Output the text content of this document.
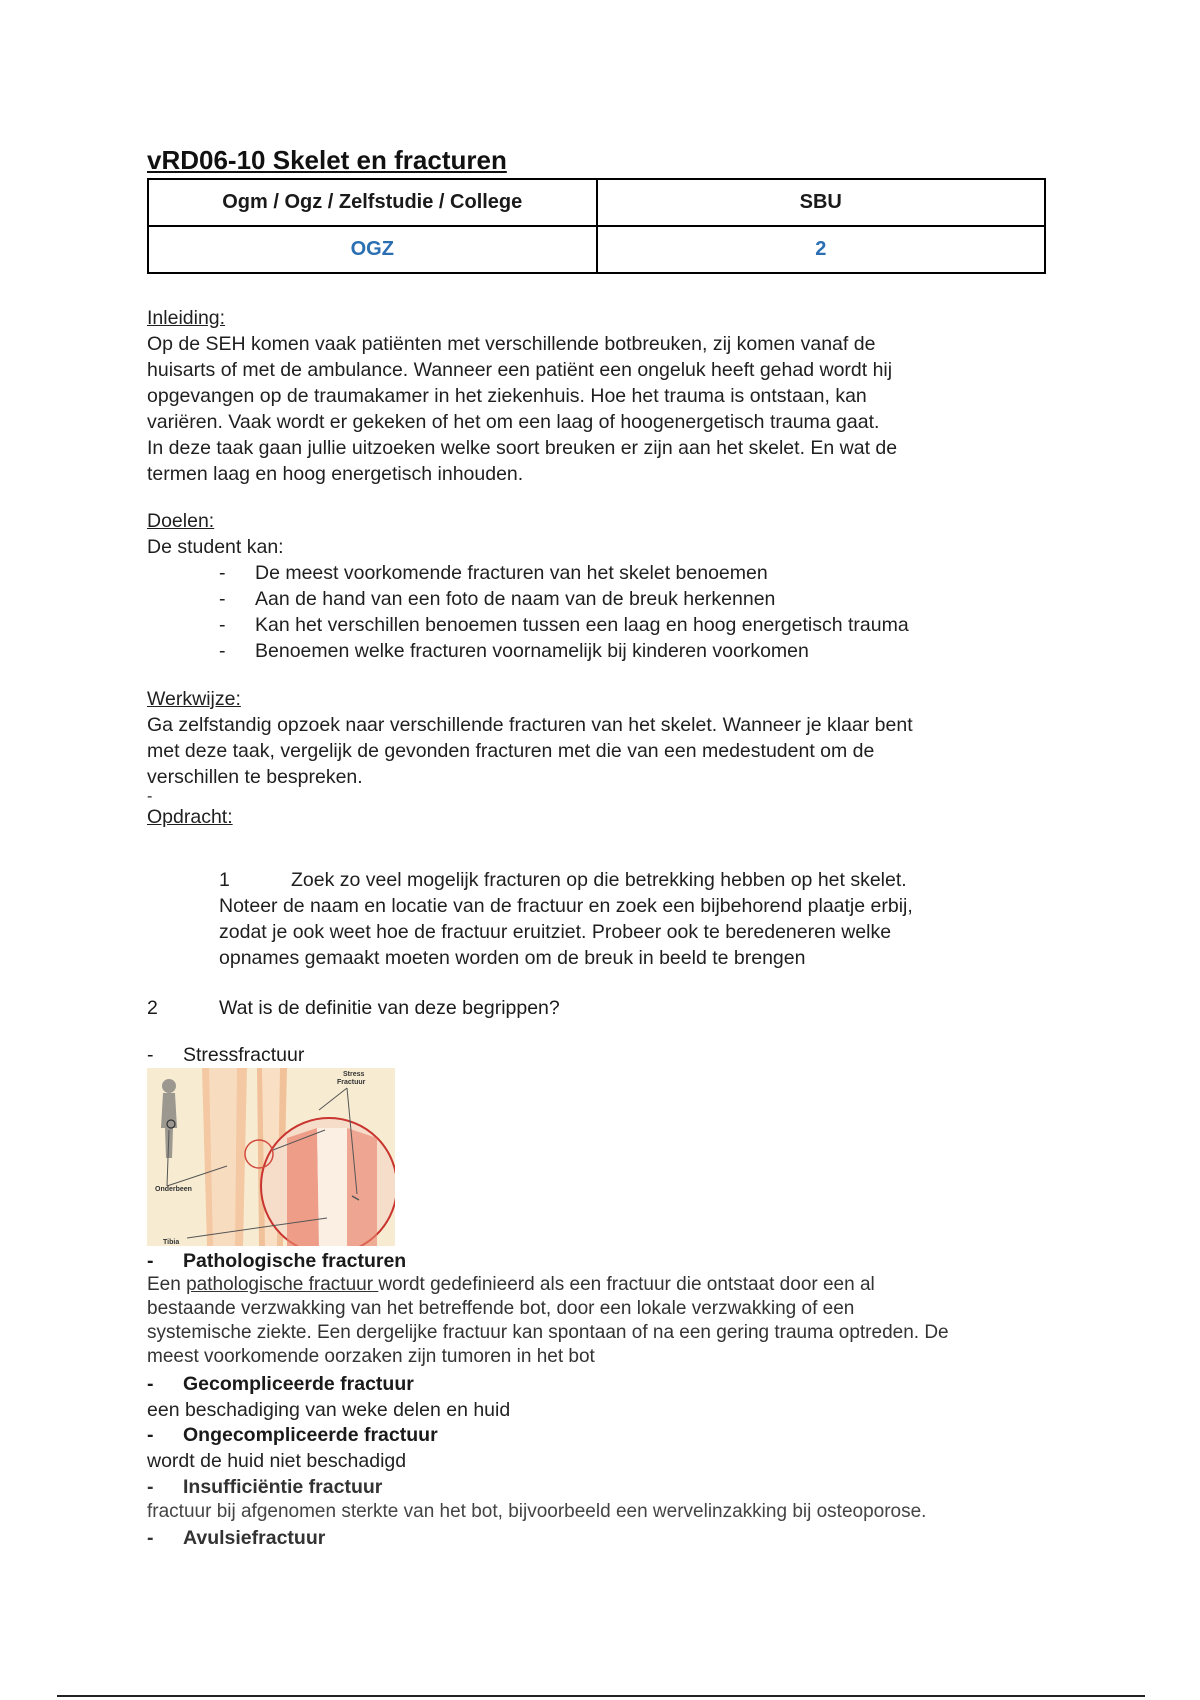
vRD06-10 Skelet en fracturen
Ogm / Ogz / Zelfstudie / College	SBU
OGZ	2
Inleiding:
Op de SEH komen vaak patiënten met verschillende botbreuken, zij komen vanaf de
huisarts of met de ambulance. Wanneer een patiënt een ongeluk heeft gehad wordt hij
opgevangen op de traumakamer in het ziekenhuis. Hoe het trauma is ontstaan, kan
variëren. Vaak wordt er gekeken of het om een laag of hoogenergetisch trauma gaat.
In deze taak gaan jullie uitzoeken welke soort breuken er zijn aan het skelet. En wat de
termen laag en hoog energetisch inhouden.
Doelen:
De student kan:
- De meest voorkomende fracturen van het skelet benoemen
- Aan de hand van een foto de naam van de breuk herkennen
- Kan het verschillen benoemen tussen een laag en hoog energetisch trauma
- Benoemen welke fracturen voornamelijk bij kinderen voorkomen
Werkwijze:
Ga zelfstandig opzoek naar verschillende fracturen van het skelet. Wanneer je klaar bent
met deze taak, vergelijk de gevonden fracturen met die van een medestudent om de
verschillen te bespreken.
-
Opdracht:
1	Zoek zo veel mogelijk fracturen op die betrekking hebben op het skelet.
Noteer de naam en locatie van de fractuur en zoek een bijbehorend plaatje erbij,
zodat je ook weet hoe de fractuur eruitziet. Probeer ook te beredeneren welke
opnames gemaakt moeten worden om de breuk in beeld te brengen
2	Wat is de definitie van deze begrippen?
- Stressfractuur
Stress
Fractuur
Onderbeen
Tibia
- Pathologische fracturen
Een pathologische fractuur wordt gedefinieerd als een fractuur die ontstaat door een al
bestaande verzwakking van het betreffende bot, door een lokale verzwakking of een
systemische ziekte. Een dergelijke fractuur kan spontaan of na een gering trauma optreden. De
meest voorkomende oorzaken zijn tumoren in het bot
- Gecompliceerde fractuur
een beschadiging van weke delen en huid
- Ongecompliceerde fractuur
wordt de huid niet beschadigd
- Insufficiëntie fractuur
fractuur bij afgenomen sterkte van het bot, bijvoorbeeld een wervelinzakking bij osteoporose.
- Avulsiefractuur
